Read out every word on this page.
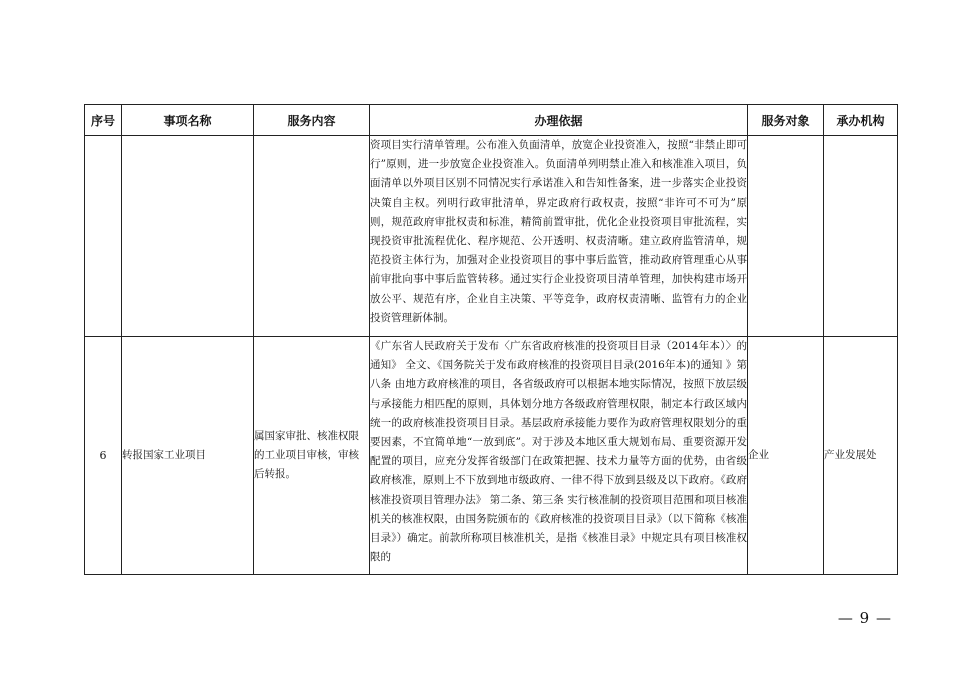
序号	事项名称	服务内容	办理依据	服务对象	承办机构
			资项目实行清单管理。公布准入负面清单，放宽企业投资准入，按照“非禁止即可行”原则，进一步放宽企业投资准入。负面清单列明禁止准入和核准准入项目，负面清单以外项目区别不同情况实行承诺准入和告知性备案，进一步落实企业投资决策自主权。列明行政审批清单，界定政府行政权责，按照“非许可不可为”原则，规范政府审批权责和标准，精简前置审批，优化企业投资项目审批流程，实现投资审批流程优化、程序规范、公开透明、权责清晰。建立政府监管清单，规范投资主体行为，加强对企业投资项目的事中事后监管，推动政府管理重心从事前审批向事中事后监管转移。通过实行企业投资项目清单管理，加快构建市场开放公平、规范有序，企业自主决策、平等竞争，政府权责清晰、监管有力的企业投资管理新体制。		
6	转报国家工业项目	属国家审批、核准权限的工业项目审核，审核后转报。	《广东省人民政府关于发布〈广东省政府核准的投资项目目录（2014年本）〉的通知》 全文、《国务院关于发布政府核准的投资项目目录(2016年本)的通知 》第八条 由地方政府核准的项目，各省级政府可以根据本地实际情况，按照下放层级与承接能力相匹配的原则，具体划分地方各级政府管理权限，制定本行政区域内统一的政府核准投资项目目录。基层政府承接能力要作为政府管理权限划分的重要因素，不宜简单地“一放到底”。对于涉及本地区重大规划布局、重要资源开发配置的项目，应充分发挥省级部门在政策把握、技术力量等方面的优势，由省级政府核准，原则上不下放到地市级政府、一律不得下放到县级及以下政府。《政府核准投资项目管理办法》 第二条、第三条 实行核准制的投资项目范围和项目核准机关的核准权限，由国务院颁布的《政府核准的投资项目目录》（以下简称《核准目录》）确定。前款所称项目核准机关，是指《核准目录》中规定具有项目核准权限的	企业	产业发展处
— 9 —
